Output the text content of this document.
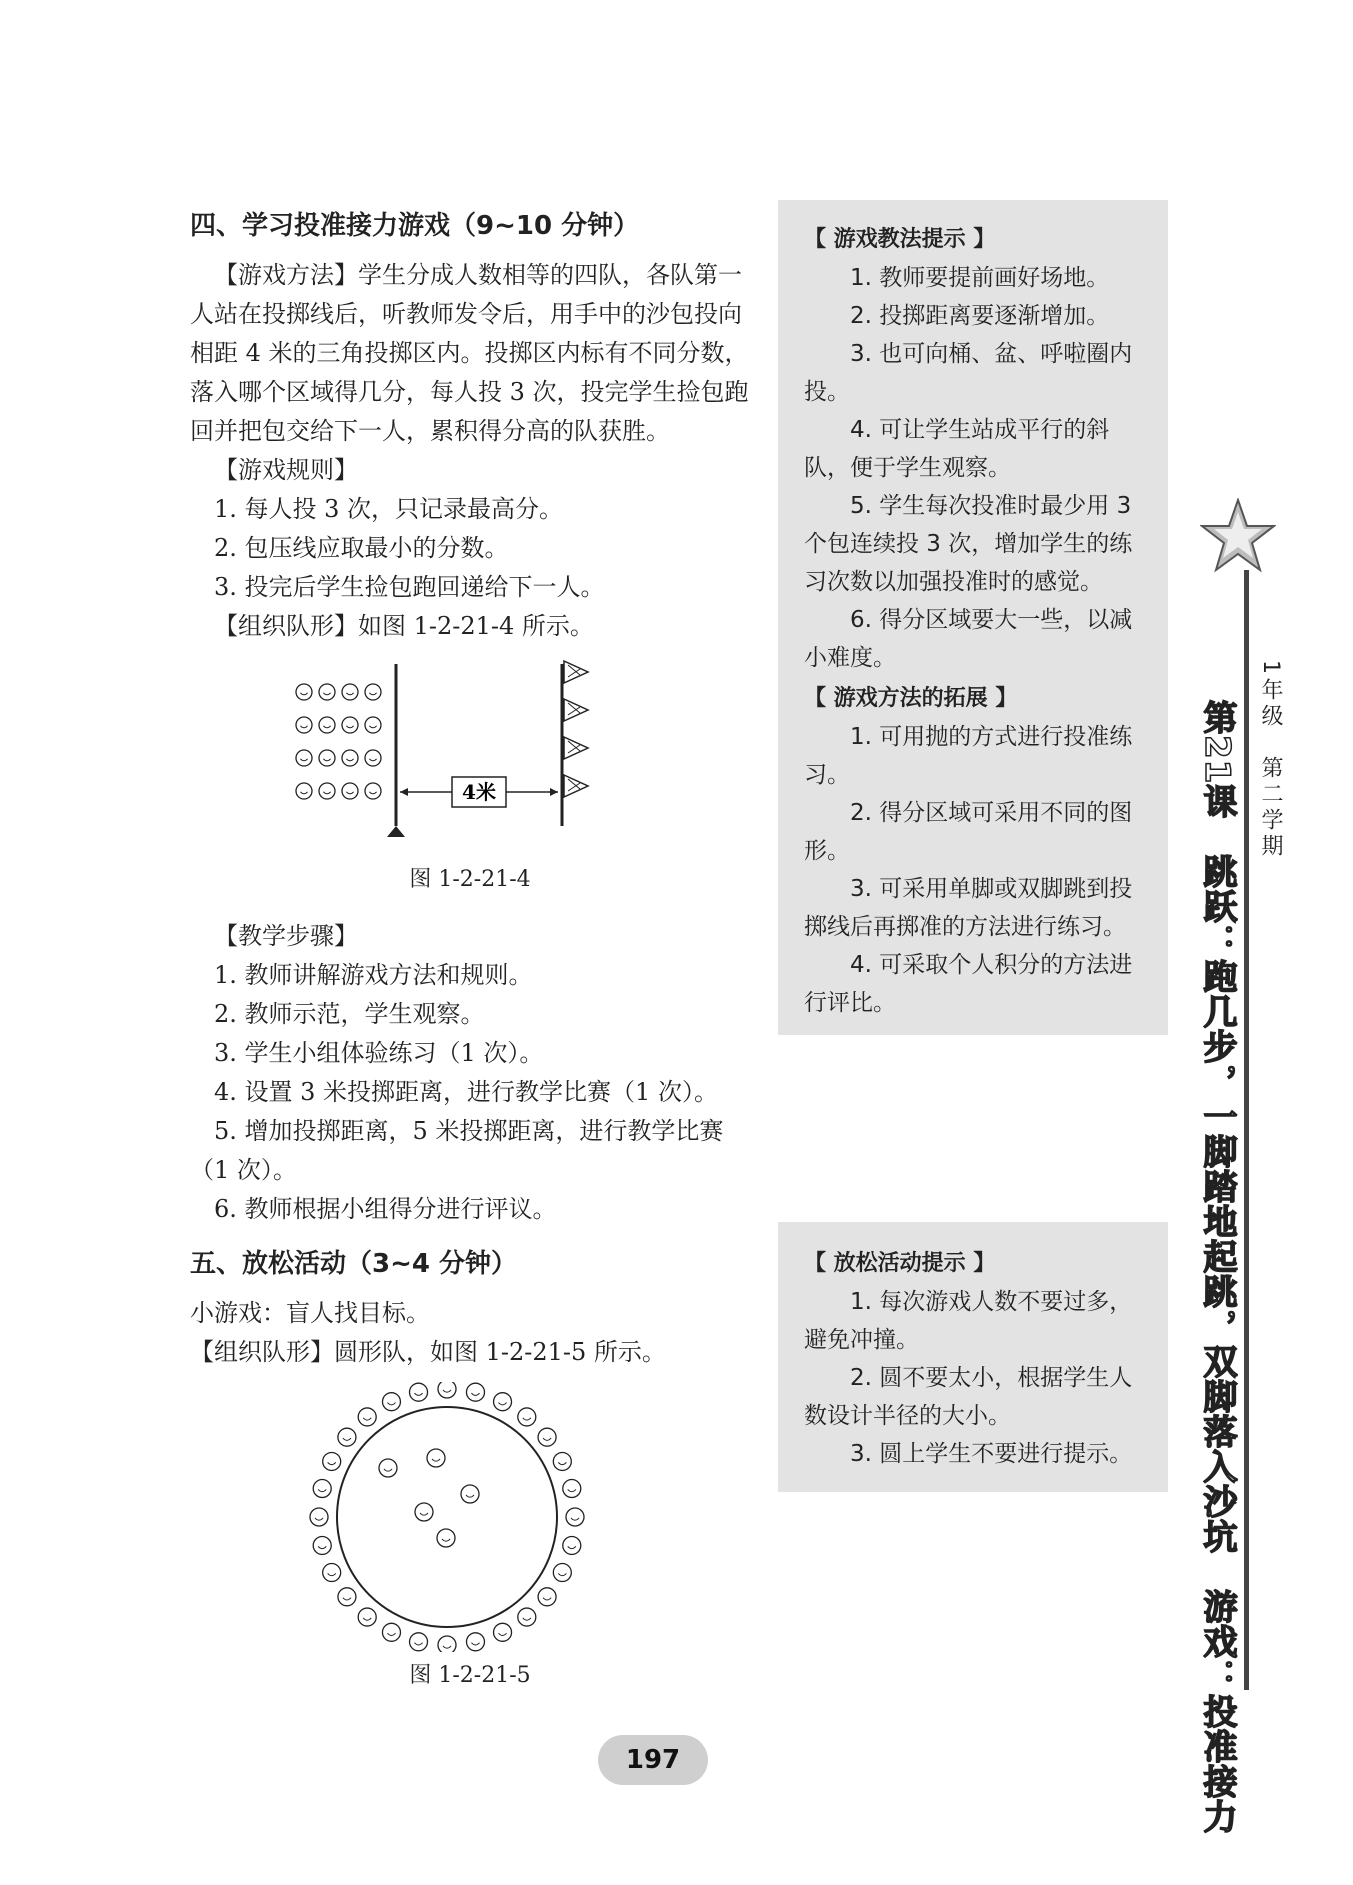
四、学习投准接力游戏（9~10 分钟）

【游戏方法】学生分成人数相等的四队，各队第一人站在投掷线后，听教师发令后，用手中的沙包投向相距 4 米的三角投掷区内。投掷区内标有不同分数，落入哪个区域得几分，每人投 3 次，投完学生捡包跑回并把包交给下一人，累积得分高的队获胜。

【游戏规则】

1. 每人投 3 次，只记录最高分。

2. 包压线应取最小的分数。

3. 投完后学生捡包跑回递给下一人。

【组织队形】如图 1-2-21-4 所示。

4米

图 1-2-21-4

【教学步骤】

1. 教师讲解游戏方法和规则。

2. 教师示范，学生观察。

3. 学生小组体验练习（1 次）。

4. 设置 3 米投掷距离，进行教学比赛（1 次）。

5. 增加投掷距离，5 米投掷距离，进行教学比赛（1 次）。

6. 教师根据小组得分进行评议。

五、放松活动（3~4 分钟）

小游戏：盲人找目标。

【组织队形】圆形队，如图 1-2-21-5 所示。

图 1-2-21-5

【 游戏教法提示 】

1. 教师要提前画好场地。

2. 投掷距离要逐渐增加。

3. 也可向桶、盆、呼啦圈内投。

4. 可让学生站成平行的斜队，便于学生观察。

5. 学生每次投准时最少用 3 个包连续投 3 次，增加学生的练习次数以加强投准时的感觉。

6. 得分区域要大一些，以减小难度。

【 游戏方法的拓展 】

1. 可用抛的方式进行投准练习。

2. 得分区域可采用不同的图形。

3. 可采用单脚或双脚跳到投掷线后再掷准的方法进行练习。

4. 可采取个人积分的方法进行评比。

【 放松活动提示 】

1. 每次游戏人数不要过多，避免冲撞。

2. 圆不要太小，根据学生人数设计半径的大小。

3. 圆上学生不要进行提示。

1年级　第二学期
第21课　跳跃：跑几步，一脚踏地起跳，双脚落入沙坑　游戏：投准接力
197
